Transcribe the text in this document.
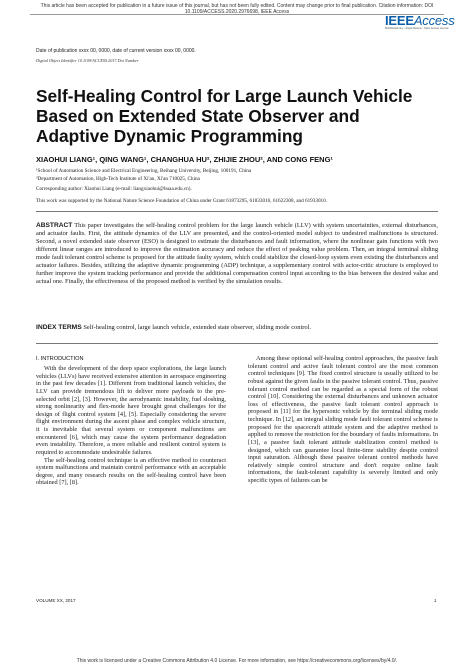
This article has been accepted for publication in a future issue of this journal, but has not been fully edited. Content may change prior to final publication. Citation information: DOI 10.1109/ACCESS.2020.2976698, IEEE Access
IEEEAccess
Multidisciplinary ⁝ Rapid Review ⁝ Open Access Journal
Date of publication xxxx 00, 0000, date of current version xxxx 00, 0000.
Digital Object Identifier 10.1109/ACCESS.2017.Doi Number
Self-Healing Control for Large Launch Vehicle Based on Extended State Observer and Adaptive Dynamic Programming
XIAOHUI LIANG¹, QING WANG¹, CHANGHUA HU², ZHIJIE ZHOU², AND CONG FENG¹
¹School of Automation Science and Electrical Engineering, Beihang University, Beijing, 100191, China
²Department of Automation, High-Tech Institute of Xi'an, Xi'an 710025, China
Corresponding author: Xiaohui Liang (e-mail: liangxiaohui@buaa.edu.cn).
This work was supported by the National Nature Science Foundation of China under Grant 61873295, 61833016, 61622308, and 61933010.
ABSTRACT This paper investigates the self-healing control problem for the large launch vehicle (LLV) with system uncertainties, external disturbances, and actuator faults. First, the attitude dynamics of the LLV are presented, and the control-oriented model subject to undesired malfunctions is structured. Second, a novel extended state observer (ESO) is designed to estimate the disturbances and fault information, where the nonlinear gain functions with two different linear ranges are introduced to improve the estimation accuracy and reduce the effect of peaking value problem. Then, an integral terminal sliding mode fault tolerant control scheme is proposed for the attitude faulty system, which could stabilize the closed-loop system even existing the disturbances and actuator failures. Besides, utilizing the adaptive dynamic programming (ADP) technique, a supplementary control with actor-critic structure is employed to further improve the system tracking performance and provide the additional compensation control input according to the bias between the desired value and actual one. Finally, the effectiveness of the proposed method is verified by the simulation results.
INDEX TERMS Self-healing control, large launch vehicle, extended state observer, sliding mode control.
I. INTRODUCTION

With the development of the deep space explorations, the large launch vehicles (LLVs) have received extensive attention in aerospace engineering in the past few decades [1]. Different from traditional launch vehicles, the LLV can provide tremendous lift to deliver more payloads to the pre-selected orbit [2], [3]. However, the aerodynamic instability, fuel sloshing, strong nonlinearity and flex-mode have brought great challenges for the design of flight control system [4], [5]. Especially considering the severe flight environment during the ascent phase and complex vehicle structure, it is inevitable that several system or component malfunctions are encountered [6], which may cause the system performance degradation even instability. Therefore, a more reliable and resilient control system is required to accommodate undesirable failures.

The self-healing control technique is an effective method to counteract system malfunctions and maintain control performance with an acceptable degree, and many research results on the self-healing control have been obtained [7], [8].

Among these optional self-healing control approaches, the passive fault tolerant control and active fault tolerant control are the most common control techniques [9]. The fixed control structure is usually utilized to be robust against the given faults in the passive tolerant control. Thus, passive tolerant control method can be regarded as a special form of the robust control [10]. Considering the external disturbances and unknown actuator loss of effectiveness, the passive fault tolerant control approach is proposed in [11] for the hypersonic vehicle by the terminal sliding mode technique. In [12], an integral sliding mode fault tolerant control scheme is proposed for the spacecraft attitude system and the adaptive method is applied to remove the restriction for the boundary of faults informations. In [13], a passive fault tolerant attitude stabilization control method is designed, which can guarantee local finite-time stability despite control input saturation. Although these passive tolerant control methods have relatively simple control structure and don't require online fault informations, the fault-tolerant capability is severely limited and only specific types of failures can be

VOLUME XX, 2017	1
This work is licensed under a Creative Commons Attribution 4.0 License. For more information, see https://creativecommons.org/licenses/by/4.0/.
